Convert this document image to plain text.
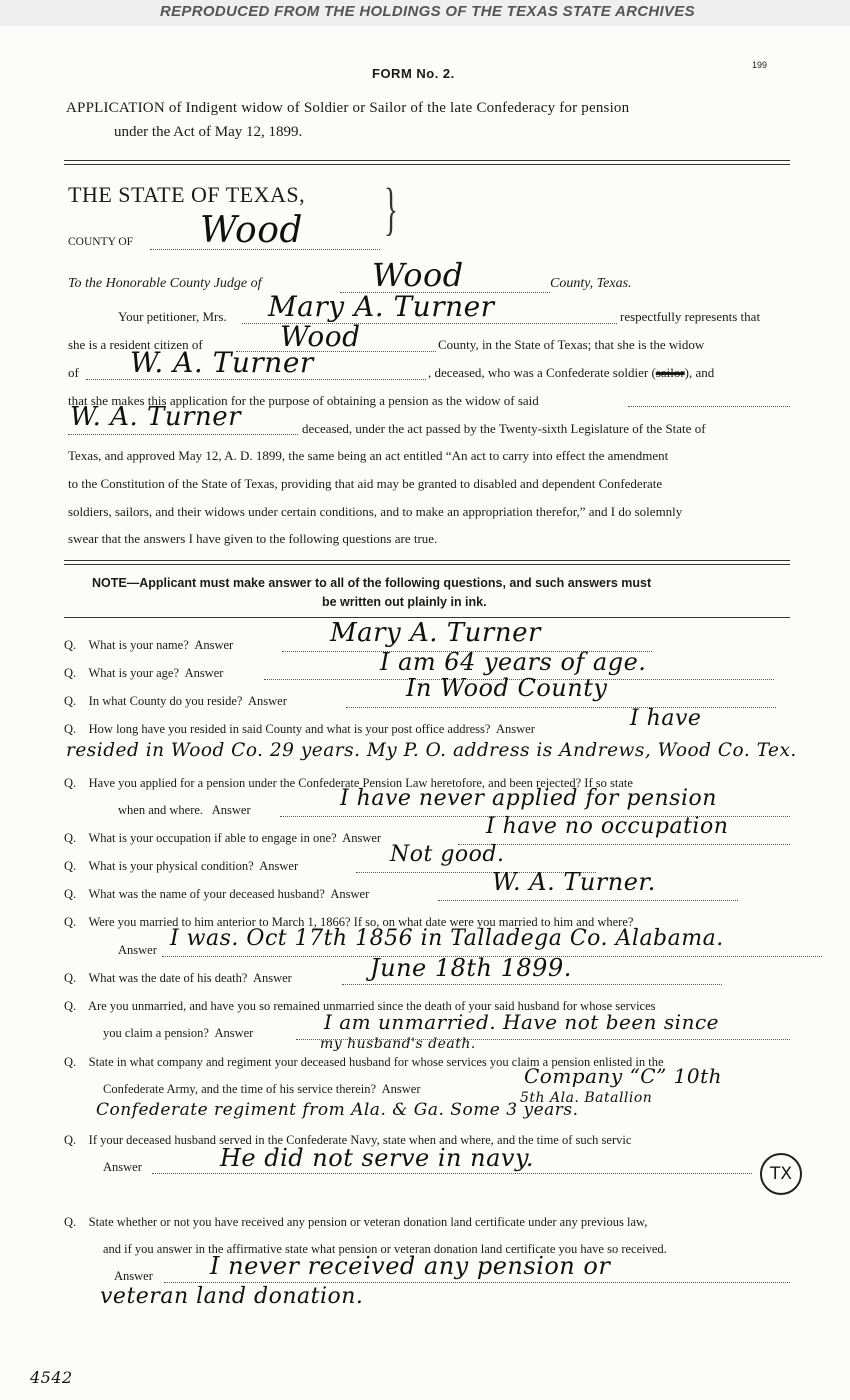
REPRODUCED FROM THE HOLDINGS OF THE TEXAS STATE ARCHIVES
199
FORM No. 2.
APPLICATION of Indigent widow of Soldier or Sailor of the late Confederacy for pension
under the Act of May 12, 1899.
THE STATE OF TEXAS, }
COUNTY OF Wood
To the Honorable County Judge of	Wood	County, Texas.
Your petitioner, Mrs. Mary A. Turner	respectfully represents that
she is a resident citizen of	Wood	County, in the State of Texas; that she is the widow
of W. A. Turner	, deceased, who was a Confederate soldier (sailor), and
that she makes this application for the purpose of obtaining a pension as the widow of said
W. A. Turner	deceased, under the act passed by the Twenty-sixth Legislature of the State of
Texas, and approved May 12, A. D. 1899, the same being an act entitled “An act to carry into effect the amendment
to the Constitution of the State of Texas, providing that aid may be granted to disabled and dependent Confederate
soldiers, sailors, and their widows under certain conditions, and to make an appropriation therefor,” and I do solemnly
swear that the answers I have given to the following questions are true.
NOTE—Applicant must make answer to all of the following questions, and such answers must
be written out plainly in ink.
Q. What is your name? Answer	Mary A. Turner
Q. What is your age? Answer	I am 64 years of age.
Q. In what County do you reside? Answer	In Wood County
Q. How long have you resided in said County and what is your post office address? Answer	I have
resided in Wood Co. 29 years. My P. O. address is Andrews, Wood Co. Tex.
Q. Have you applied for a pension under the Confederate Pension Law heretofore, and been rejected? If so state
when and where. Answer	I have never applied for pension
Q. What is your occupation if able to engage in one? Answer	I have no occupation
Q. What is your physical condition? Answer	Not good.
Q. What was the name of your deceased husband? Answer	W. A. Turner.
Q. Were you married to him anterior to March 1, 1866? If so, on what date were you married to him and where?
Answer I was. Oct 17th 1856 in Talladega Co. Alabama.
Q. What was the date of his death? Answer	June 18th 1899.
Q. Are you unmarried, and have you so remained unmarried since the death of your said husband for whose services
you claim a pension? Answer	I am unmarried. Have not been since
my husband's death.
Q. State in what company and regiment your deceased husband for whose services you claim a pension enlisted in the
Confederate Army, and the time of his service therein? Answer
Company “C” 10th
5th Ala. Batallion
Confederate regiment from Ala. & Ga. Some 3 years.
Q. If your deceased husband served in the Confederate Navy, state when and where, and the time of such servic
Answer	He did not serve in navy.
TX
Q. State whether or not you have received any pension or veteran donation land certificate under any previous law,
and if you answer in the affirmative state what pension or veteran donation land certificate you have so received.
Answer I never received any pension or
veteran land donation.
4542
